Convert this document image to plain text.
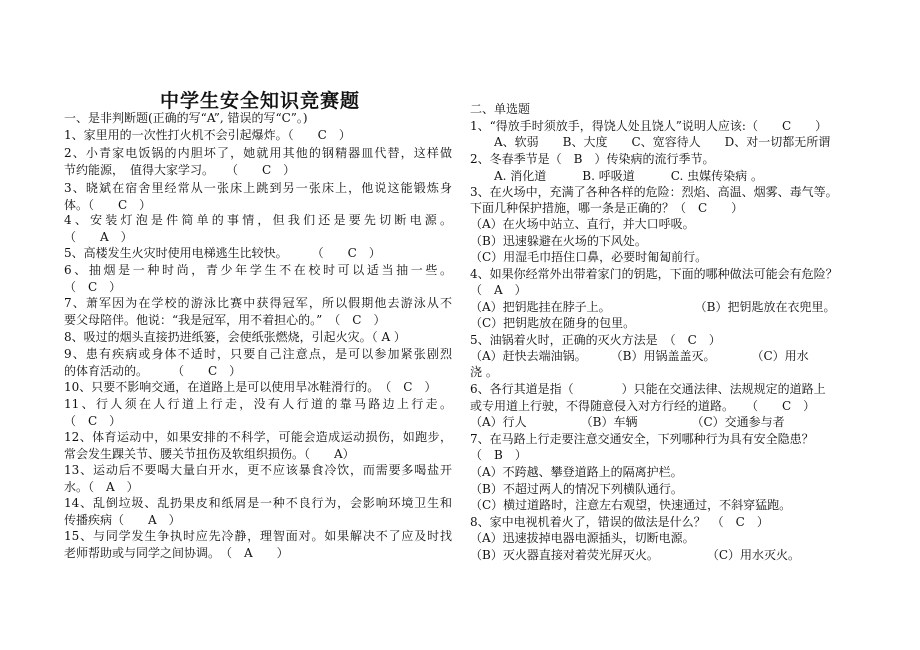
中学生安全知识竞赛题
一、是非判断题(正确的写“A”, 错误的写“C”。)
1、家里用的一次性打火机不会引起爆炸。（　　C　）
2、小青家电饭锅的内胆坏了，她就用其他的钢精器皿代替，这样做
节约能源，　值得大家学习。　　（　　C　）
3、晓斌在宿舍里经常从一张床上跳到另一张床上，他说这能锻炼身
体。（　　C　）
4、安装灯泡是件简单的事情，但我们还是要先切断电源。
（　　A　）
5、高楼发生火灾时使用电梯逃生比较快。　　　（　　C　）
6、抽烟是一种时尚，青少年学生不在校时可以适当抽一些。
（　C　）
7、萧军因为在学校的游泳比赛中获得冠军，所以假期他去游泳从不
要父母陪伴。他说：“我是冠军，用不着担心的。”　（　C　）
8、吸过的烟头直接扔进纸篓，会使纸张燃烧，引起火灾。（ A ）
9、患有疾病或身体不适时，只要自己注意点，是可以参加紧张剧烈
的体育活动的。　　　（　　C　）
10、只要不影响交通，在道路上是可以使用旱冰鞋滑行的。　（　C　）
11、行人须在人行道上行走，没有人行道的靠马路边上行走。
（　C　）
12、体育运动中，如果安排的不科学，可能会造成运动损伤，如跑步，
常会发生踝关节、腰关节扭伤及软组织损伤。（　　A）
13、运动后不要喝大量白开水，更不应该暴食冷饮，而需要多喝盐开
水。（　A　）
14、乱倒垃圾、乱扔果皮和纸屑是一种不良行为，会影响环境卫生和
传播疾病（　　A　）
15、与同学发生争执时应先冷静，理智面对。如果解决不了应及时找
老师帮助或与同学之间协调。　（　A　　）
二、单选题
1、“得放手时须放手，得饶人处且饶人”说明人应该:（　　C　　）
　　A、软弱　　B、大度　　C、宽容待人　　D、对一切都无所谓
2、冬春季节是（　B　）传染病的流行季节。
　　A. 消化道　　　B. 呼吸道　　　C. 虫媒传染病 。
3、在火场中，充满了各种各样的危险：烈焰、高温、烟雾、毒气等。
下面几种保护措施，哪一条是正确的？（　C　　）
（A）在火场中站立、直行，并大口呼吸。
（B）迅速躲避在火场的下风处。
（C）用湿毛巾捂住口鼻，必要时匍匐前行。
4、如果你经常外出带着家门的钥匙，下面的哪种做法可能会有危险？
（　A　）
（A）把钥匙挂在脖子上。　　　　　　　　（B）把钥匙放在衣兜里。
（C）把钥匙放在随身的包里。
5、油锅着火时，正确的灭火方法是　（　C　）
（A）赶快去端油锅。　　　（B）用锅盖盖灭。　　　　（C）用水
浇 。
6、各行其道是指（　　　　）只能在交通法律、法规规定的道路上
或专用道上行驶，不得随意侵入对方行经的道路。　　（　　C　）
（A）行人　　　　　（B）车辆　　　　　（C）交通参与者
7、在马路上行走要注意交通安全，下列哪种行为具有安全隐患？
（　B　）
（A）不跨越、攀登道路上的隔离护栏。
（B）不超过两人的情况下列横队通行。
（C）横过道路时，注意左右观望，快速通过，不斜穿猛跑。
8、家中电视机着火了，错误的做法是什么？　（　C　）
（A）迅速拔掉电器电源插头，切断电源。
（B）灭火器直接对着荧光屏灭火。　　　　　（C）用水灭火。
